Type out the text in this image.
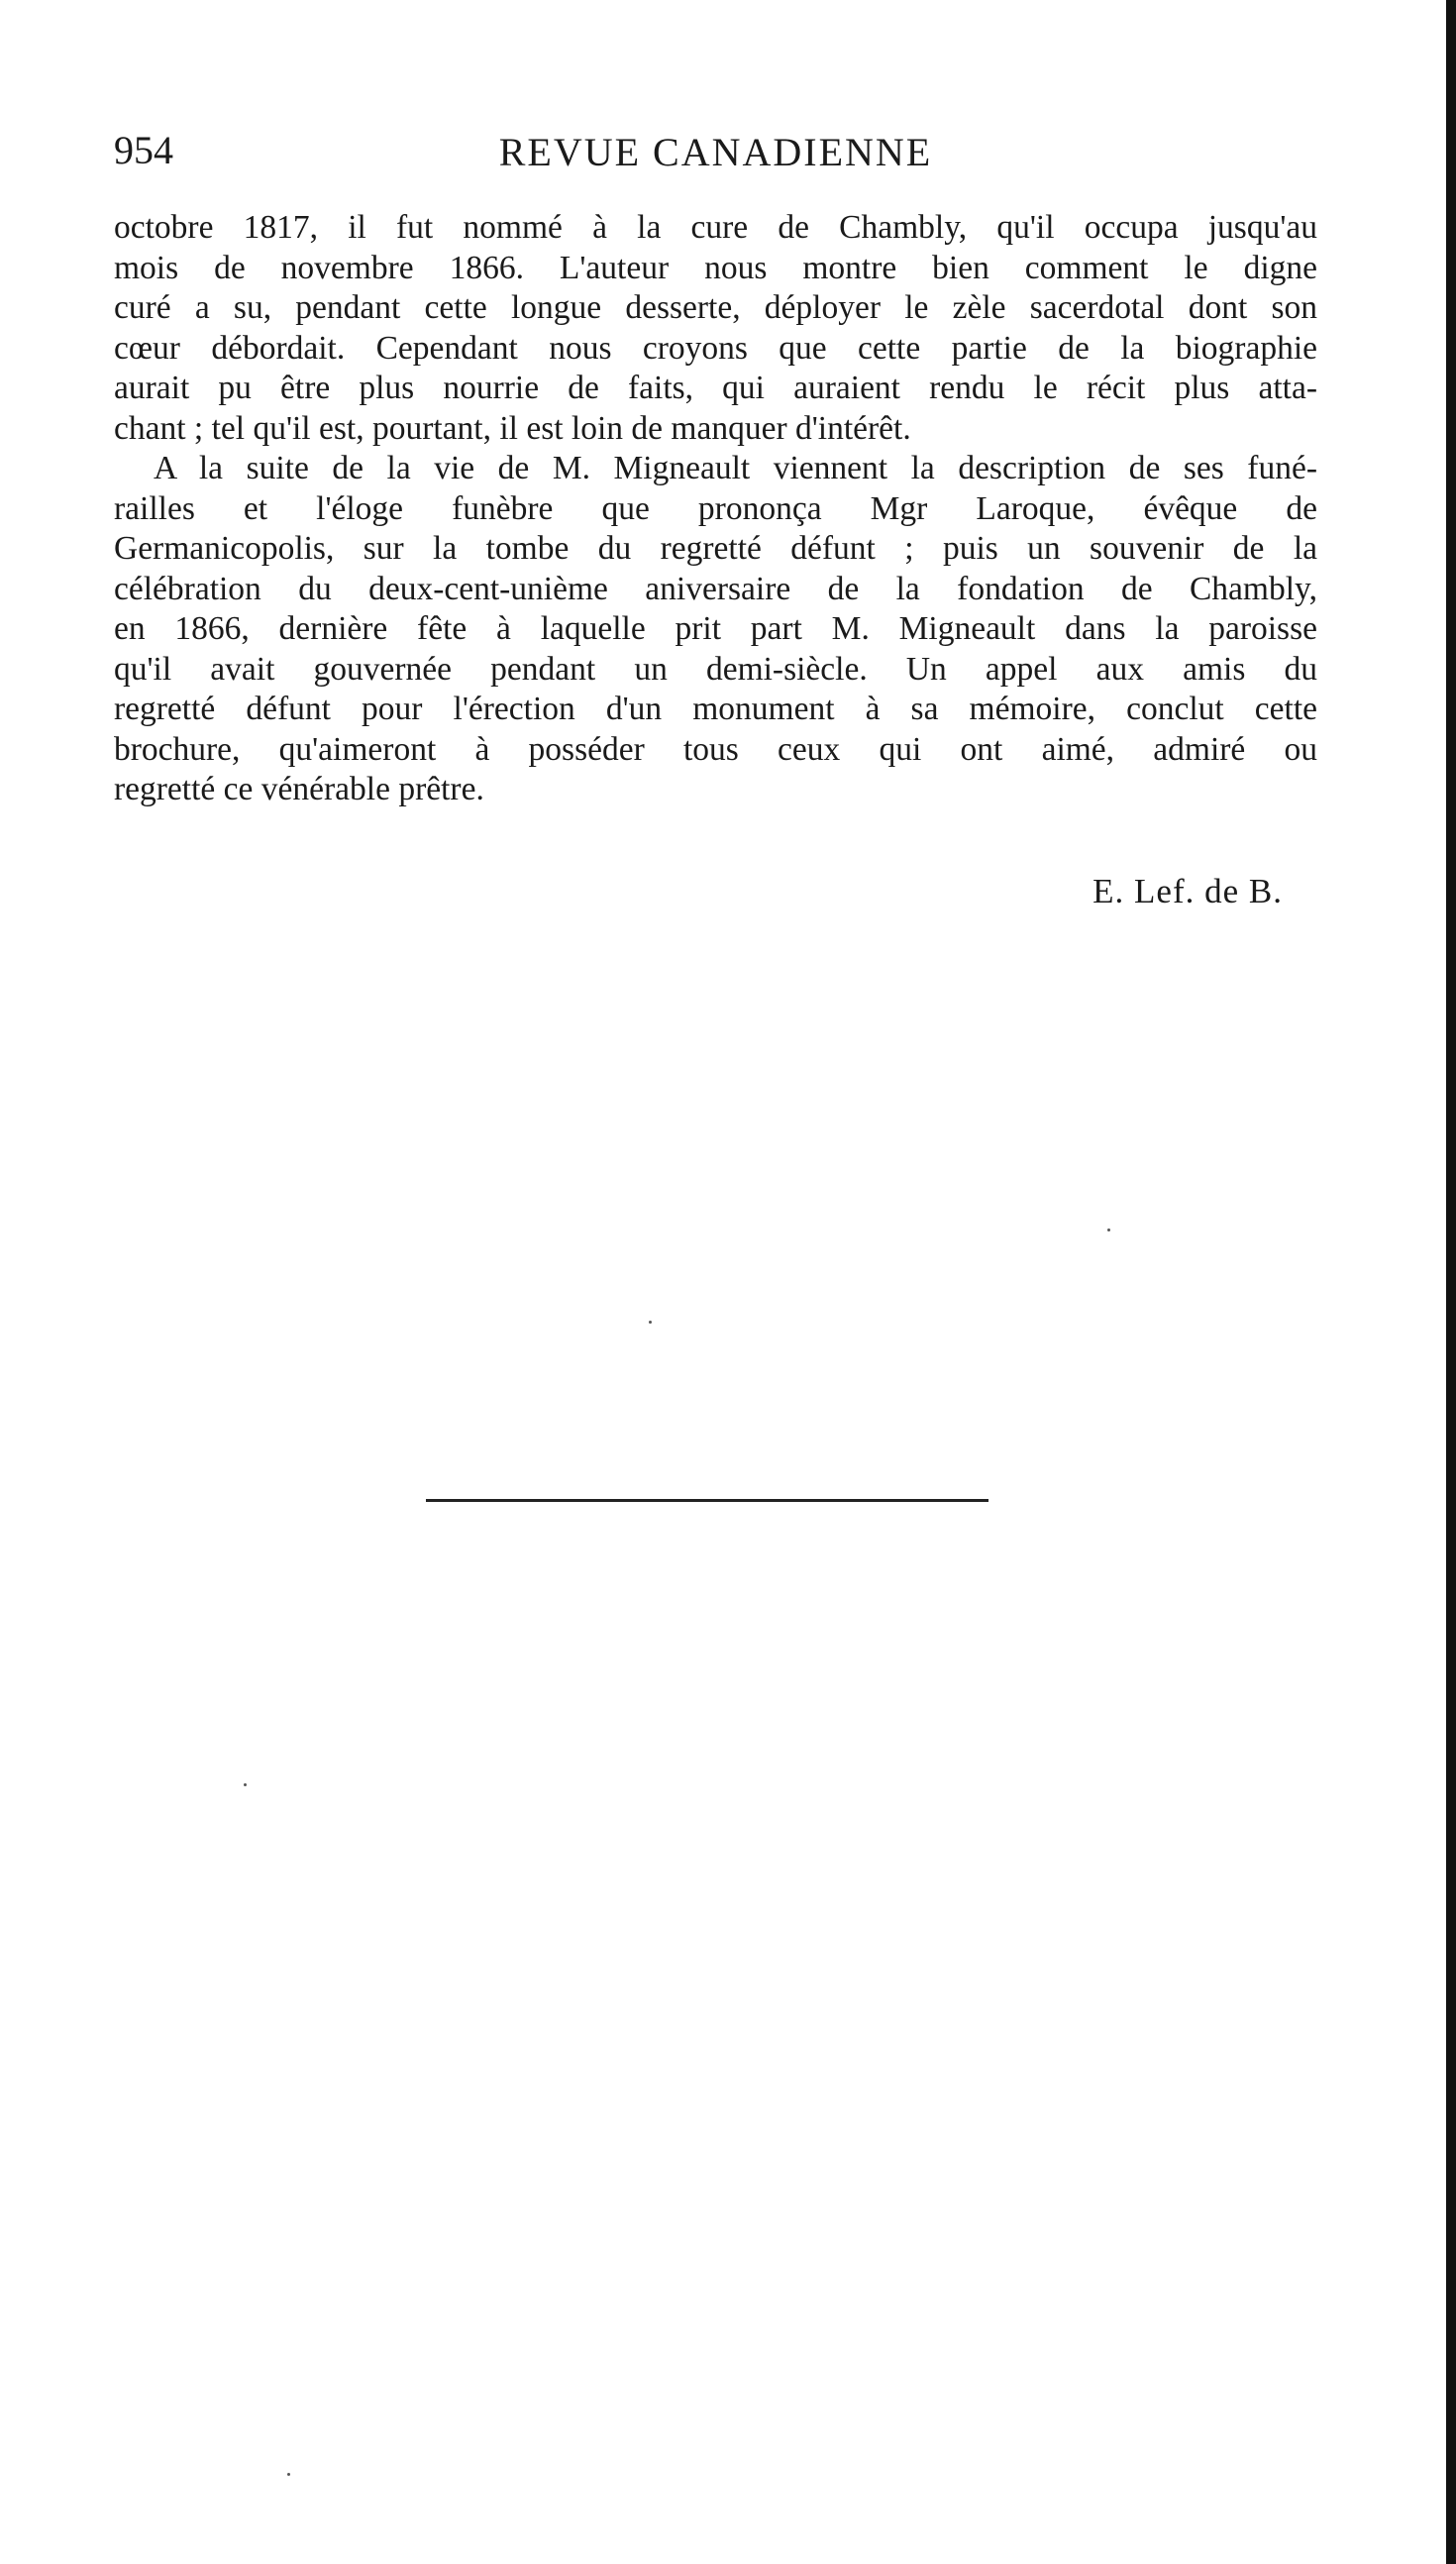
954	REVUE CANADIENNE
octobre 1817, il fut nommé à la cure de Chambly, qu'il occupa jusqu'au
mois de novembre 1866. L'auteur nous montre bien comment le digne
curé a su, pendant cette longue desserte, déployer le zèle sacerdotal dont son
cœur débordait. Cependant nous croyons que cette partie de la biographie
aurait pu être plus nourrie de faits, qui auraient rendu le récit plus atta-
chant ; tel qu'il est, pourtant, il est loin de manquer d'intérêt.
A la suite de la vie de M. Migneault viennent la description de ses funé-
railles et l'éloge funèbre que prononça Mgr Laroque, évêque de
Germanicopolis, sur la tombe du regretté défunt ; puis un souvenir de la
célébration du deux-cent-unième aniversaire de la fondation de Chambly,
en 1866, dernière fête à laquelle prit part M. Migneault dans la paroisse
qu'il avait gouvernée pendant un demi-siècle. Un appel aux amis du
regretté défunt pour l'érection d'un monument à sa mémoire, conclut cette
brochure, qu'aimeront à posséder tous ceux qui ont aimé, admiré ou
regretté ce vénérable prêtre.
E. Lef. de B.
